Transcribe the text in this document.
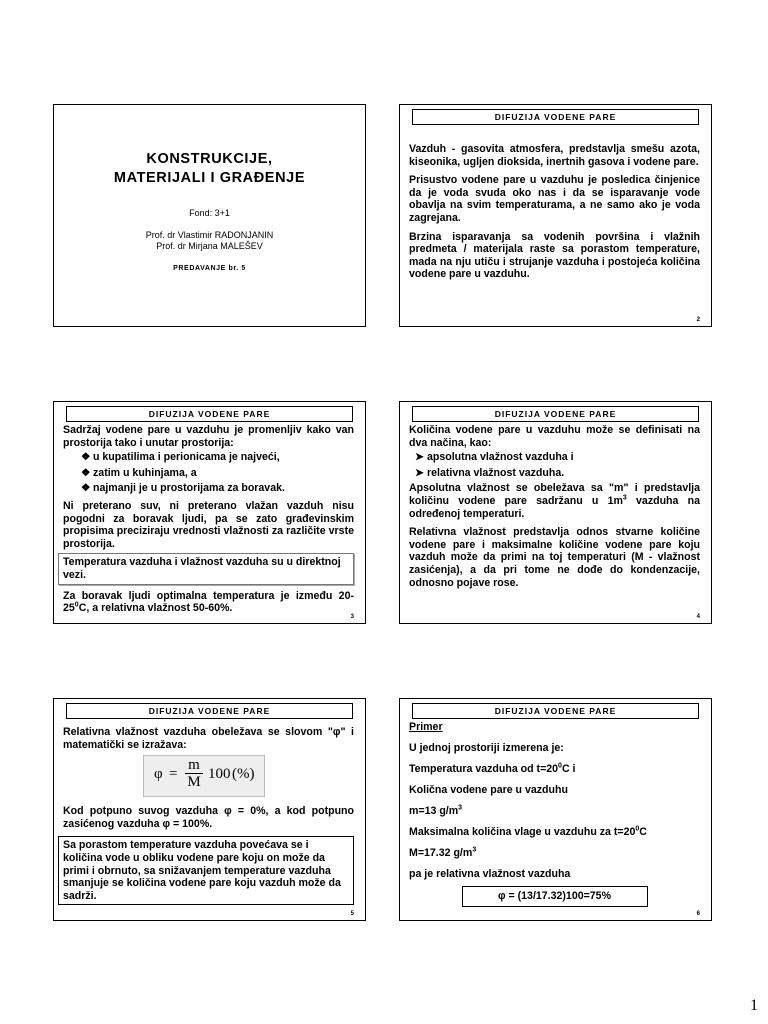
KONSTRUKCIJE,
MATERIJALI I GRAĐENJE
Fond: 3+1
Prof. dr Vlastimir RADONJANIN
Prof. dr Mirjana MALEŠEV
PREDAVANJE br. 5
DIFUZIJA VODENE PARE

Vazduh - gasovita atmosfera, predstavlja smešu azota, kiseonika, ugljen dioksida, inertnih gasova i vodene pare.

Prisustvo vodene pare u vazduhu je posledica činjenice da je voda svuda oko nas i da se isparavanje vode obavlja na svim temperaturama, a ne samo ako je voda zagrejana.

Brzina isparavanja sa vodenih površina i vlažnih predmeta / materijala raste sa porastom temperature, mada na nju utiču i strujanje vazduha i postojeća količina vodene pare u vazduhu.

2
DIFUZIJA VODENE PARE

Sadržaj vodene pare u vazduhu je promenljiv kako van prostorija tako i unutar prostorija:

❖ u kupatilima i perionicama je najveći,
❖ zatim u kuhinjama, a
❖ najmanji je u prostorijama za boravak.

Ni preterano suv, ni preterano vlažan vazduh nisu pogodni za boravak ljudi, pa se zato građevinskim propisima preciziraju vrednosti vlažnosti za različite vrste prostorija.

Temperatura vazduha i vlažnost vazduha su u direktnoj vezi.

Za boravak ljudi optimalna temperatura je između $20-25^0C$, a relativna vlažnost 50-60%.

3
DIFUZIJA VODENE PARE

Količina vodene pare u vazduhu može se definisati na dva načina, kao:

➤ apsolutna vlažnost vazduha i
➤ relativna vlažnost vazduha.

Apsolutna vlažnost se obeležava sa "m" i predstavlja količinu vodene pare sadržanu u $1m^3$ vazduha na određenoj temperaturi.

Relativna vlažnost predstavlja odnos stvarne količine vodene pare i maksimalne količine vodene pare koju vazduh može da primi na toj temperaturi (M - vlažnost zasićenja), a da pri tome ne dođe do kondenzacije, odnosno pojave rose.

4
DIFUZIJA VODENE PARE

Relativna vlažnost vazduha obeležava se slovom "φ" i matematički se izražava:

$\varphi = \frac{m}{M} 100$ (%)

Kod potpuno suvog vazduha φ = 0%, a kod potpuno zasićenog vazduha φ = 100%.

Sa porastom temperature vazduha povećava se i količina vode u obliku vodene pare koju on može da primi i obrnuto, sa snižavanjem temperature vazduha smanjuje se količina vodene pare koju vazduh može da sadrži.
5
DIFUZIJA VODENE PARE

Primer

U jednoj prostoriji izmerena je:

Temperatura vazduha od $t=20^0C$ i

Količna vodene pare u vazduhu

m=13 $g/m^3$

Maksimalna količina vlage u vazduhu za $t=20^0C$

M=17.32 $g/m^3$

pa je relativna vlažnost vazduha

φ = (13/17.32)100=75%
6
1
